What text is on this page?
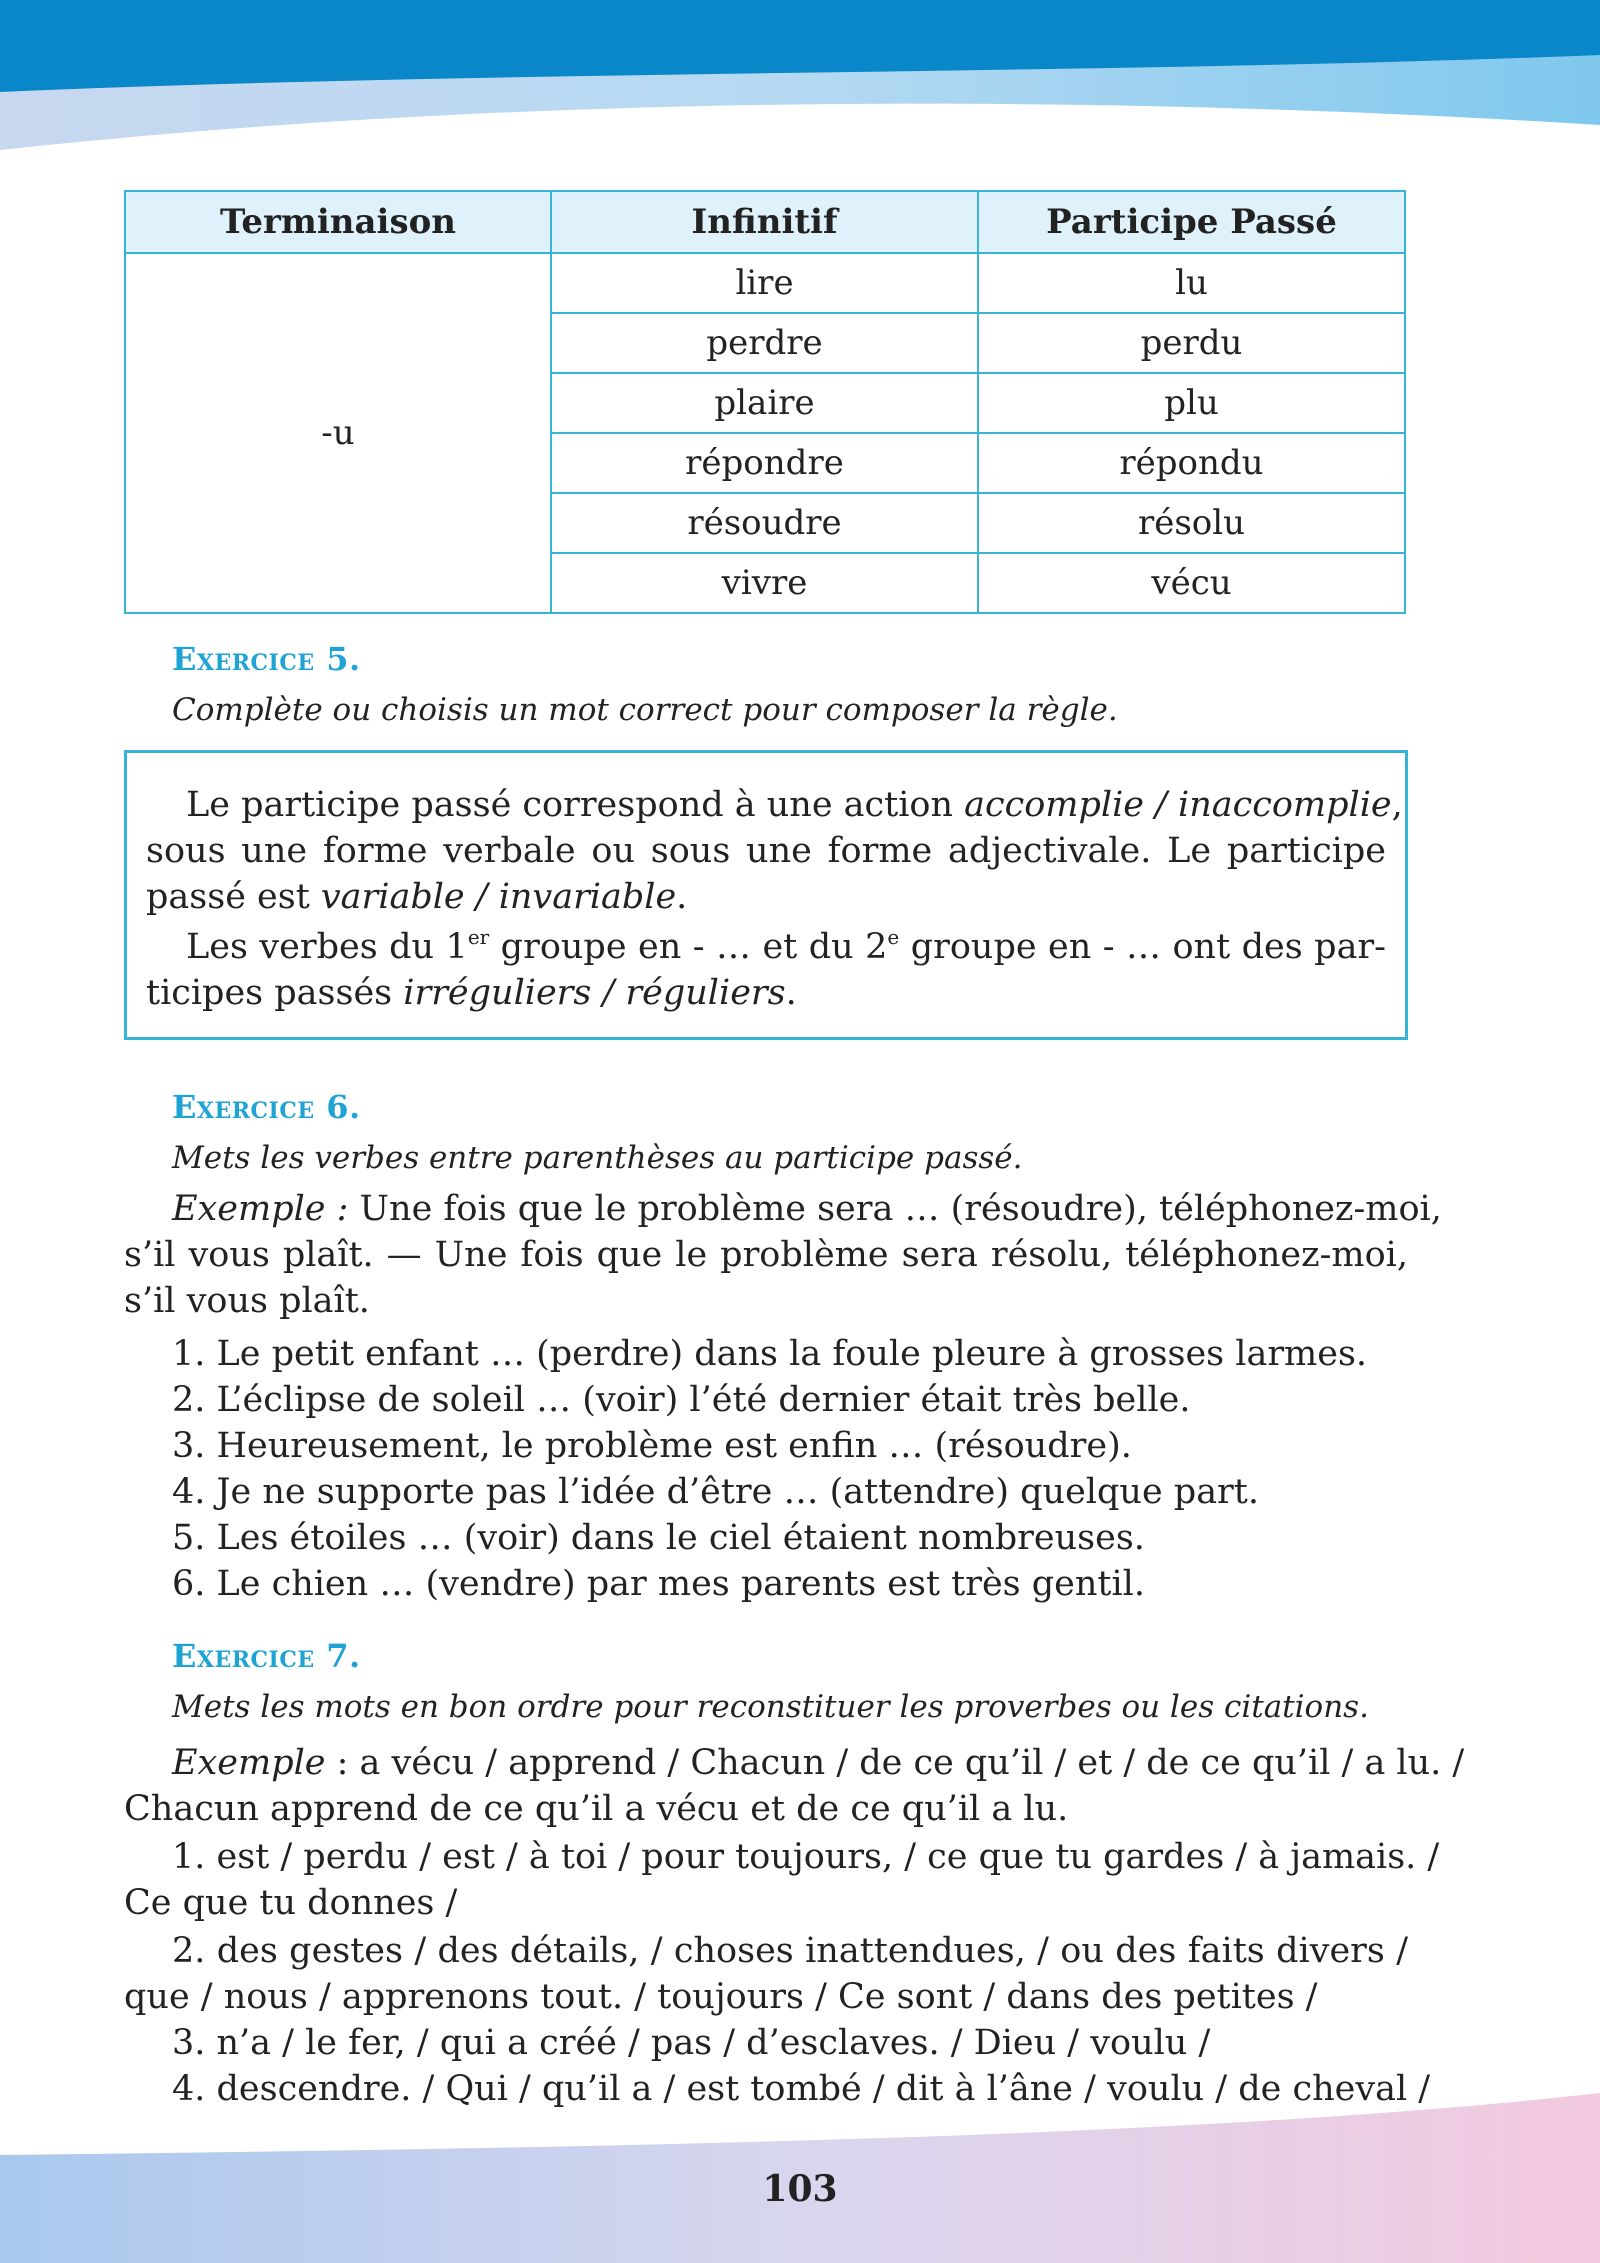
Terminaison	Infinitif	Participe Passé
-u	lire	lu
	perdre	perdu
	plaire	plu
	répondre	répondu
	résoudre	résolu
	vivre	vécu
Exercice 5.
Complète ou choisis un mot correct pour composer la règle.
Le participe passé correspond à une action accomplie / inaccomplie,
sous une forme verbale ou sous une forme adjectivale. Le participe
passé est variable / invariable.
Les verbes du 1er groupe en - … et du 2e groupe en - … ont des par-
ticipes passés irréguliers / réguliers.
Exercice 6.
Mets les verbes entre parenthèses au participe passé.
Exemple : Une fois que le problème sera … (résoudre), téléphonez-moi,
s’il vous plaît. — Une fois que le problème sera résolu, téléphonez-moi,
s’il vous plaît.
1. Le petit enfant … (perdre) dans la foule pleure à grosses larmes.
2. L’éclipse de soleil … (voir) l’été dernier était très belle.
3. Heureusement, le problème est enfin … (résoudre).
4. Je ne supporte pas l’idée d’être … (attendre) quelque part.
5. Les étoiles … (voir) dans le ciel étaient nombreuses.
6. Le chien … (vendre) par mes parents est très gentil.
Exercice 7.
Mets les mots en bon ordre pour reconstituer les proverbes ou les citations.
Exemple : a vécu / apprend / Chacun / de ce qu’il / et / de ce qu’il / a lu. /
Chacun apprend de ce qu’il a vécu et de ce qu’il a lu.
1. est / perdu / est / à toi / pour toujours, / ce que tu gardes / à jamais. /
Ce que tu donnes /
2. des gestes / des détails, / choses inattendues, / ou des faits divers /
que / nous / apprenons tout. / toujours / Ce sont / dans des petites /
3. n’a / le fer, / qui a créé / pas / d’esclaves. / Dieu / voulu /
4. descendre. / Qui / qu’il a / est tombé / dit à l’âne / voulu / de cheval /
103
